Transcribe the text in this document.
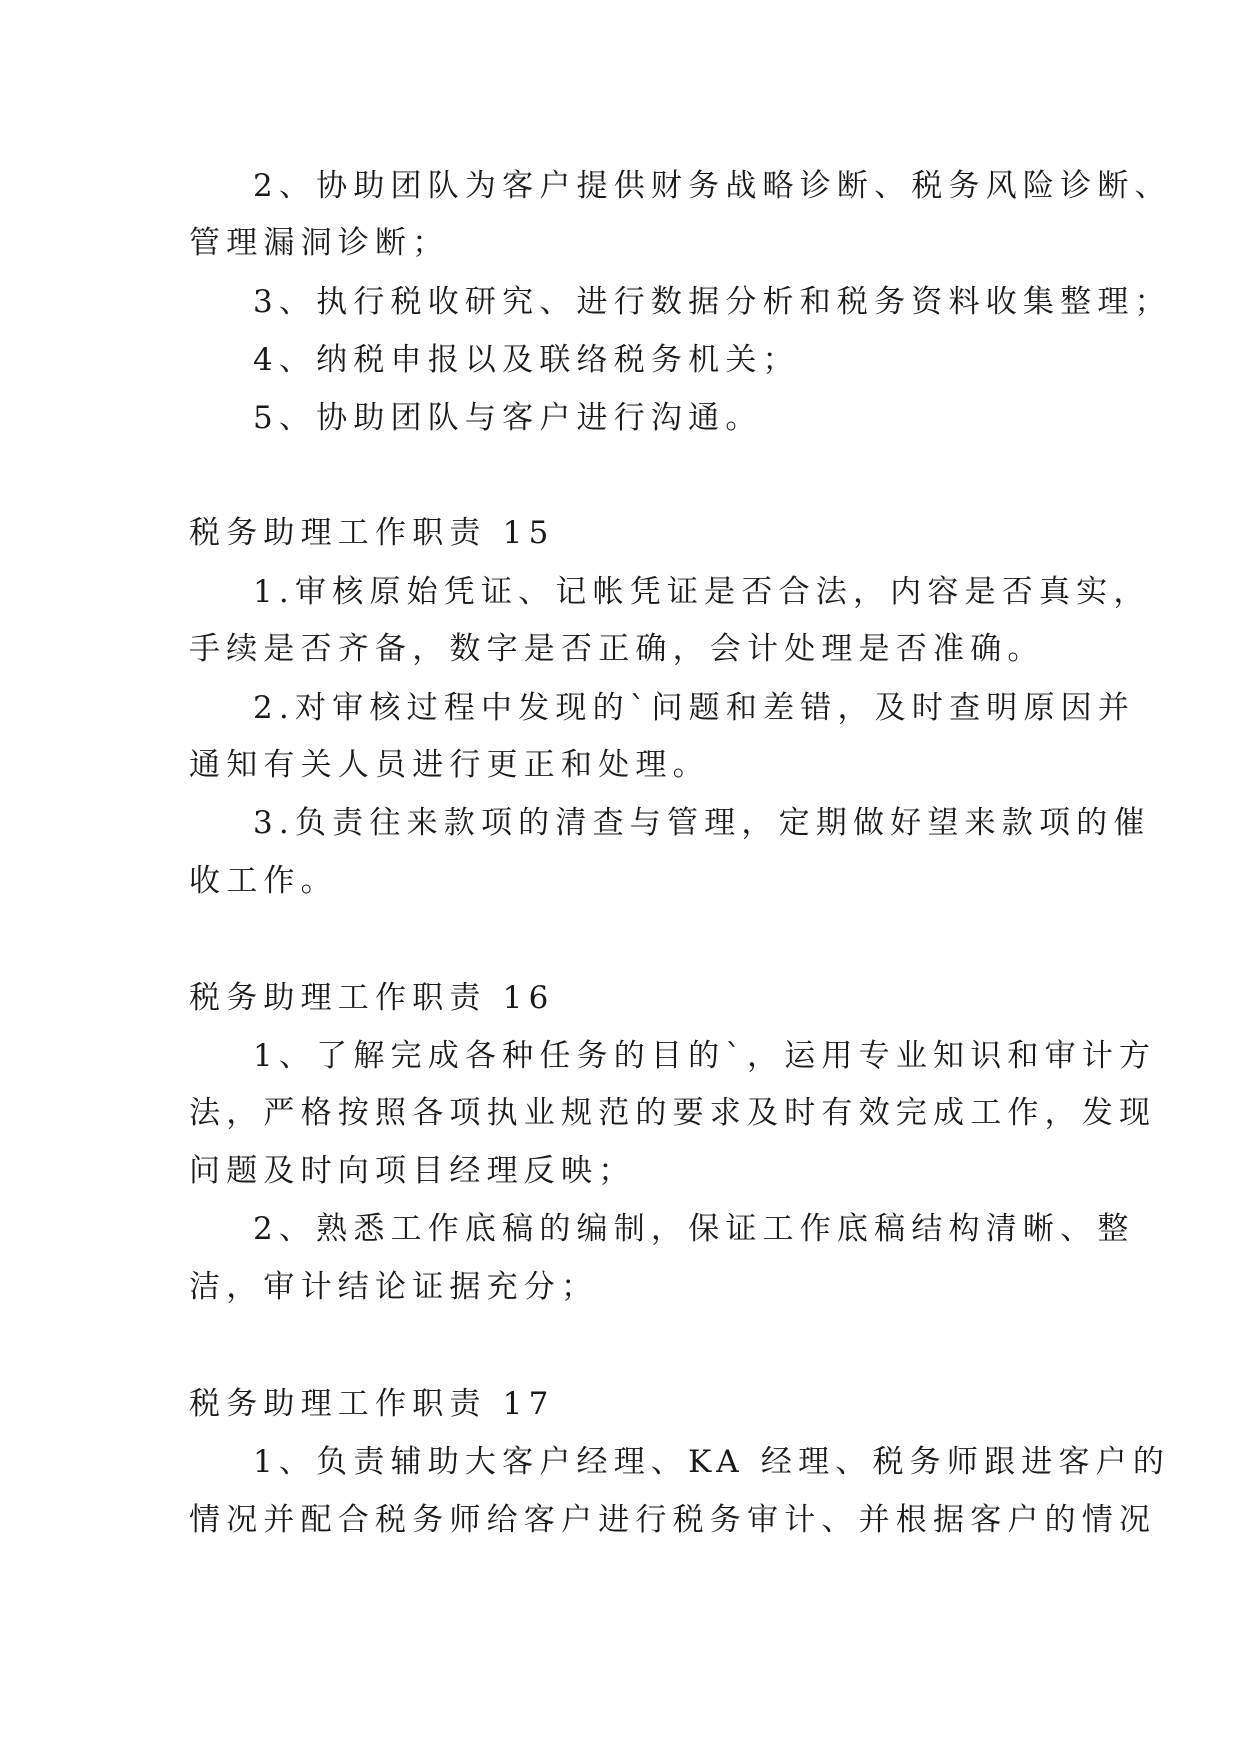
2、协助团队为客户提供财务战略诊断、税务风险诊断、
管理漏洞诊断；
3、执行税收研究、进行数据分析和税务资料收集整理；
4、纳税申报以及联络税务机关；
5、协助团队与客户进行沟通。
税务助理工作职责 15
1.审核原始凭证、记帐凭证是否合法，内容是否真实，
手续是否齐备，数字是否正确，会计处理是否准确。
2.对审核过程中发现的`问题和差错，及时查明原因并
通知有关人员进行更正和处理。
3.负责往来款项的清查与管理，定期做好望来款项的催
收工作。
税务助理工作职责 16
1、了解完成各种任务的目的`，运用专业知识和审计方
法，严格按照各项执业规范的要求及时有效完成工作，发现
问题及时向项目经理反映；
2、熟悉工作底稿的编制，保证工作底稿结构清晰、整
洁，审计结论证据充分；
税务助理工作职责 17
1、负责辅助大客户经理、KA 经理、税务师跟进客户的
情况并配合税务师给客户进行税务审计、并根据客户的情况
